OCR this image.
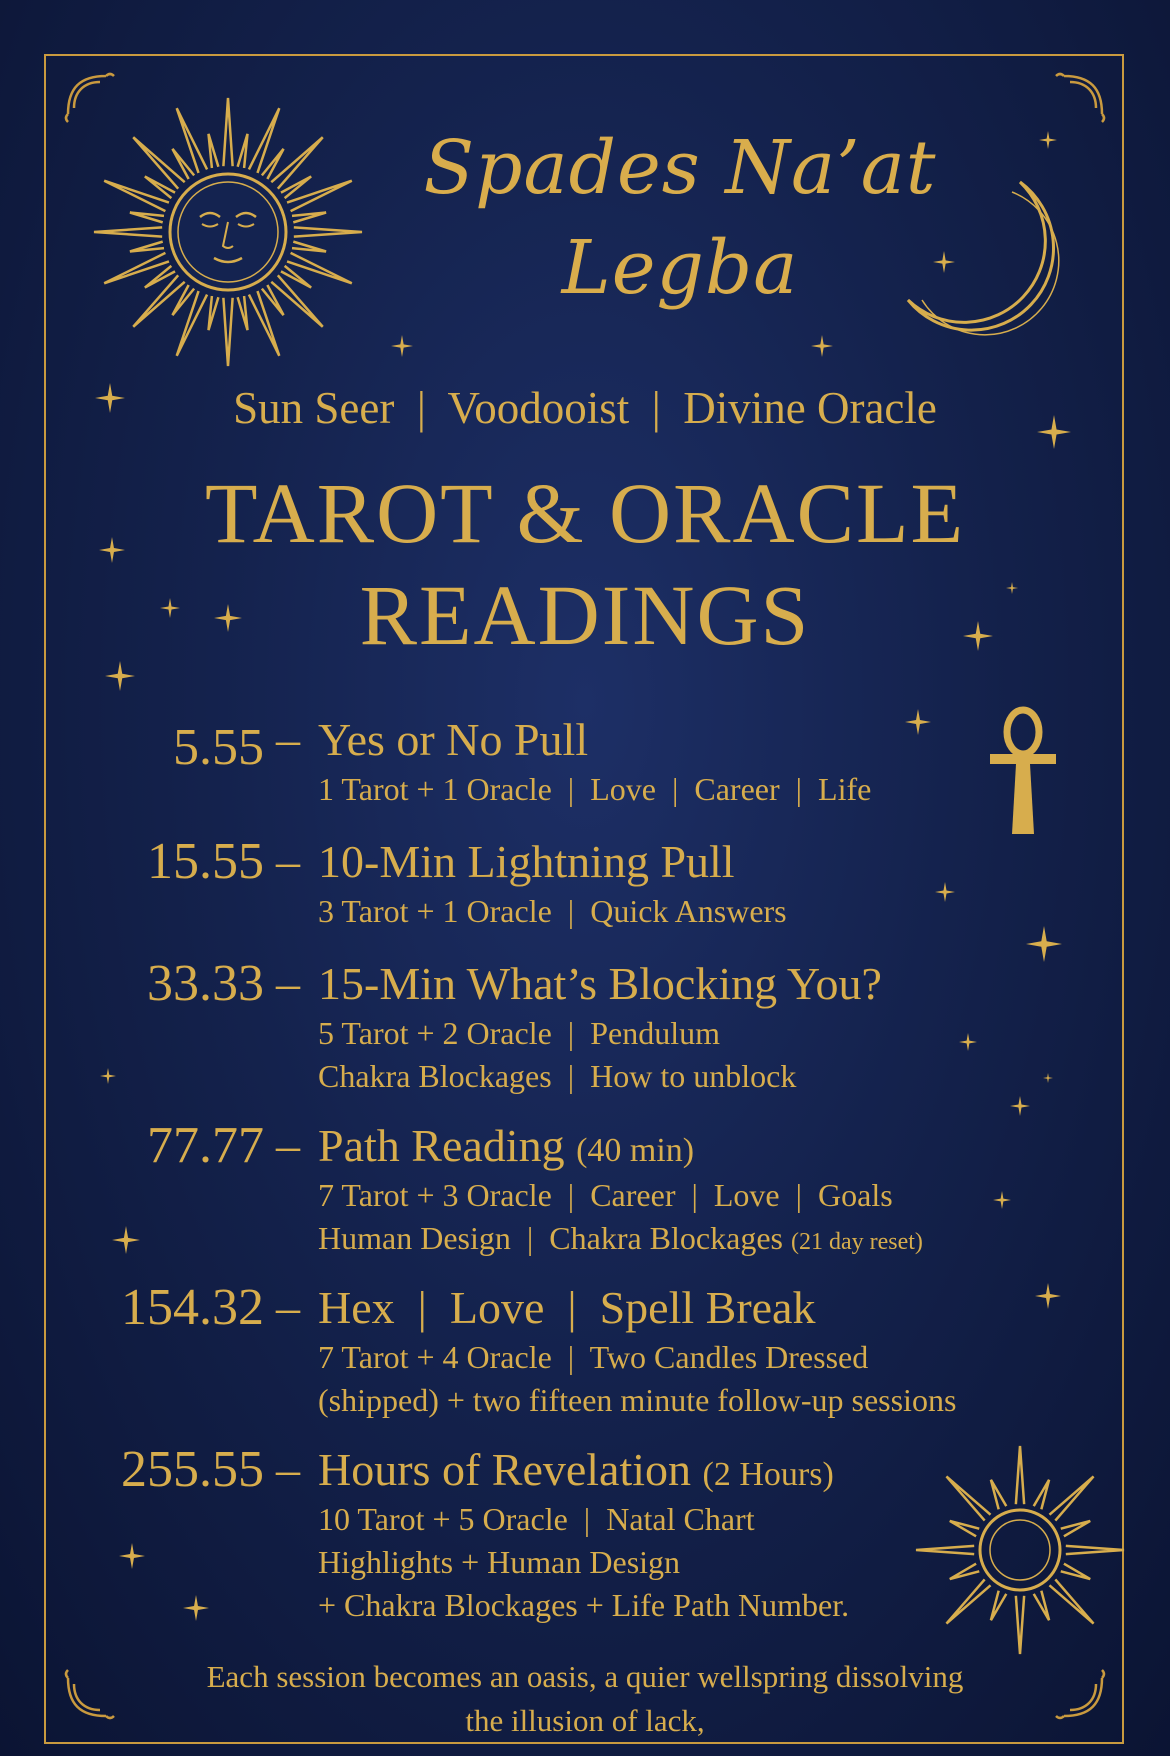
Spades Na’at
Legba
Sun Seer  |  Voodooist  |  Divine Oracle
TAROT & ORACLE
READINGS
5.55 – Yes or No Pull
1 Tarot + 1 Oracle  |  Love  |  Career  |  Life
15.55 – 10-Min Lightning Pull
3 Tarot + 1 Oracle  |  Quick Answers
33.33 – 15-Min What’s Blocking You?
5 Tarot + 2 Oracle  |  Pendulum
Chakra Blockages  |  How to unblock
77.77 – Path Reading (40 min)
7 Tarot + 3 Oracle  |  Career  |  Love  |  Goals
Human Design  |  Chakra Blockages (21 day reset)
154.32 – Hex  |  Love  |  Spell Break
7 Tarot + 4 Oracle  |  Two Candles Dressed
(shipped) + two fifteen minute follow-up sessions
255.55 – Hours of Revelation (2 Hours)
10 Tarot + 5 Oracle  |  Natal Chart
Highlights + Human Design
+ Chakra Blockages + Life Path Number.
Each session becomes an oasis, a quier wellspring dissolving
the illusion of lack,
